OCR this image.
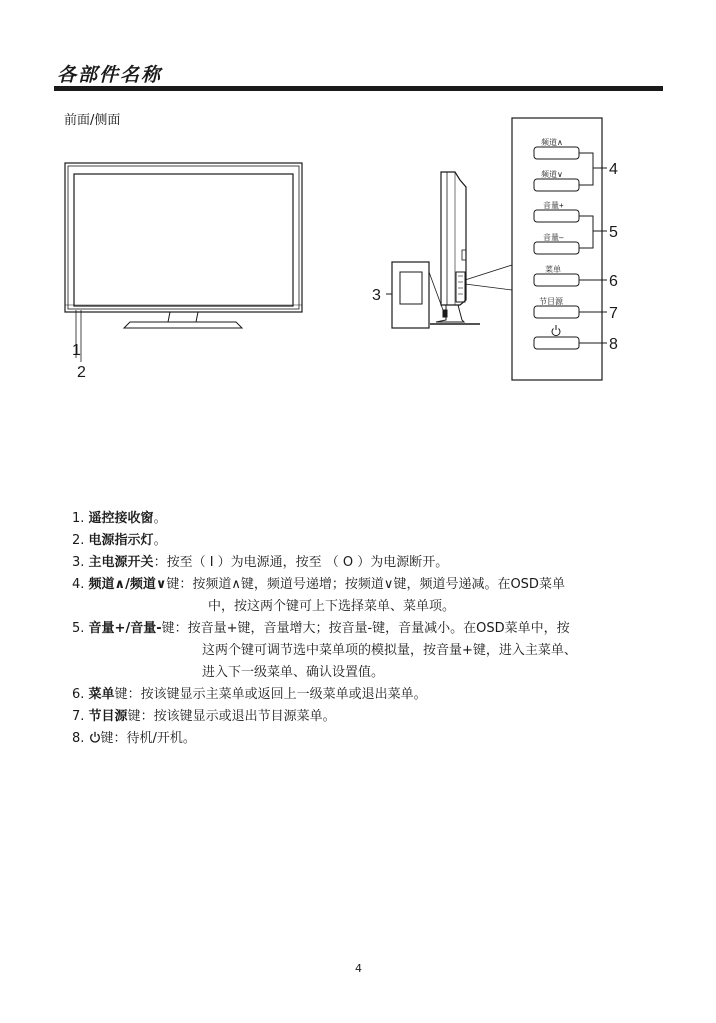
各部件名称
前面/侧面
1
2
3
频道∧
频道∨
音量+
音量–
菜单
节目源
4
5
6
7
8
1. 遥控接收窗。
2. 电源指示灯。
3. 主电源开关：按至（ I ）为电源通，按至 （ O ）为电源断开。
4. 频道∧/频道∨键：按频道∧键，频道号递增；按频道∨键，频道号递减。在OSD菜单
中，按这两个键可上下选择菜单、菜单项。
5. 音量+/音量-键：按音量+键，音量增大；按音量-键，音量减小。在OSD菜单中，按
这两个键可调节选中菜单项的模拟量，按音量+键，进入主菜单、
进入下一级菜单、确认设置值。
6. 菜单键：按该键显示主菜单或返回上一级菜单或退出菜单。
7. 节目源键：按该键显示或退出节目源菜单。
8. 键：待机/开机。
4
